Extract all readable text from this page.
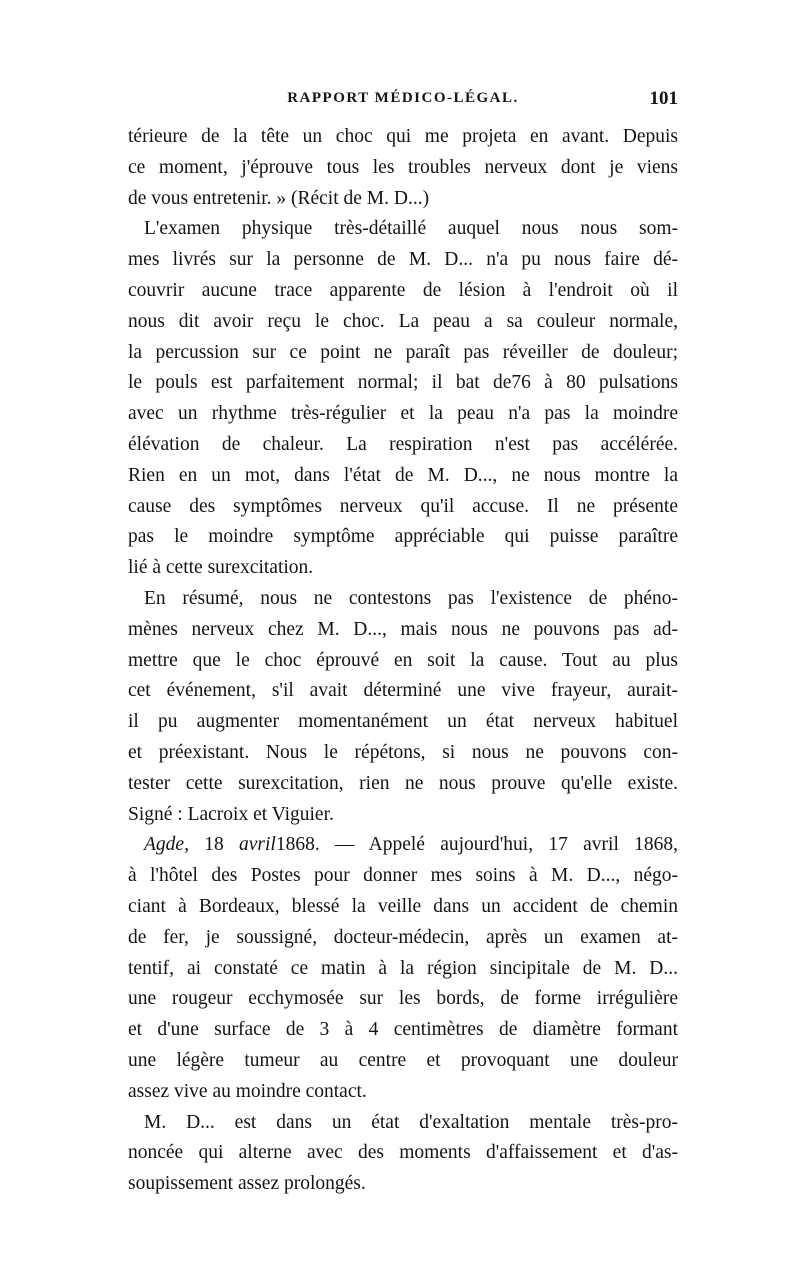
RAPPORT MÉDICO-LÉGAL.	101
térieure de la tête un choc qui me projeta en avant. Depuis
ce moment, j'éprouve tous les troubles nerveux dont je viens
de vous entretenir. » (Récit de M. D...)
L'examen physique très-détaillé auquel nous nous som-
mes livrés sur la personne de M. D... n'a pu nous faire dé-
couvrir aucune trace apparente de lésion à l'endroit où il
nous dit avoir reçu le choc. La peau a sa couleur normale,
la percussion sur ce point ne paraît pas réveiller de douleur;
le pouls est parfaitement normal; il bat de76 à 80 pulsations
avec un rhythme très-régulier et la peau n'a pas la moindre
élévation de chaleur. La respiration n'est pas accélérée.
Rien en un mot, dans l'état de M. D..., ne nous montre la
cause des symptômes nerveux qu'il accuse. Il ne présente
pas le moindre symptôme appréciable qui puisse paraître
lié à cette surexcitation.
En résumé, nous ne contestons pas l'existence de phéno-
mènes nerveux chez M. D..., mais nous ne pouvons pas ad-
mettre que le choc éprouvé en soit la cause. Tout au plus
cet événement, s'il avait déterminé une vive frayeur, aurait-
il pu augmenter momentanément un état nerveux habituel
et préexistant. Nous le répétons, si nous ne pouvons con-
tester cette surexcitation, rien ne nous prouve qu'elle existe.
Signé : Lacroix et Viguier.
Agde, 18 avril1868. — Appelé aujourd'hui, 17 avril 1868,
à l'hôtel des Postes pour donner mes soins à M. D..., négo-
ciant à Bordeaux, blessé la veille dans un accident de chemin
de fer, je soussigné, docteur-médecin, après un examen at-
tentif, ai constaté ce matin à la région sincipitale de M. D...
une rougeur ecchymosée sur les bords, de forme irrégulière
et d'une surface de 3 à 4 centimètres de diamètre formant
une légère tumeur au centre et provoquant une douleur
assez vive au moindre contact.
M. D... est dans un état d'exaltation mentale très-pro-
noncée qui alterne avec des moments d'affaissement et d'as-
soupissement assez prolongés.
